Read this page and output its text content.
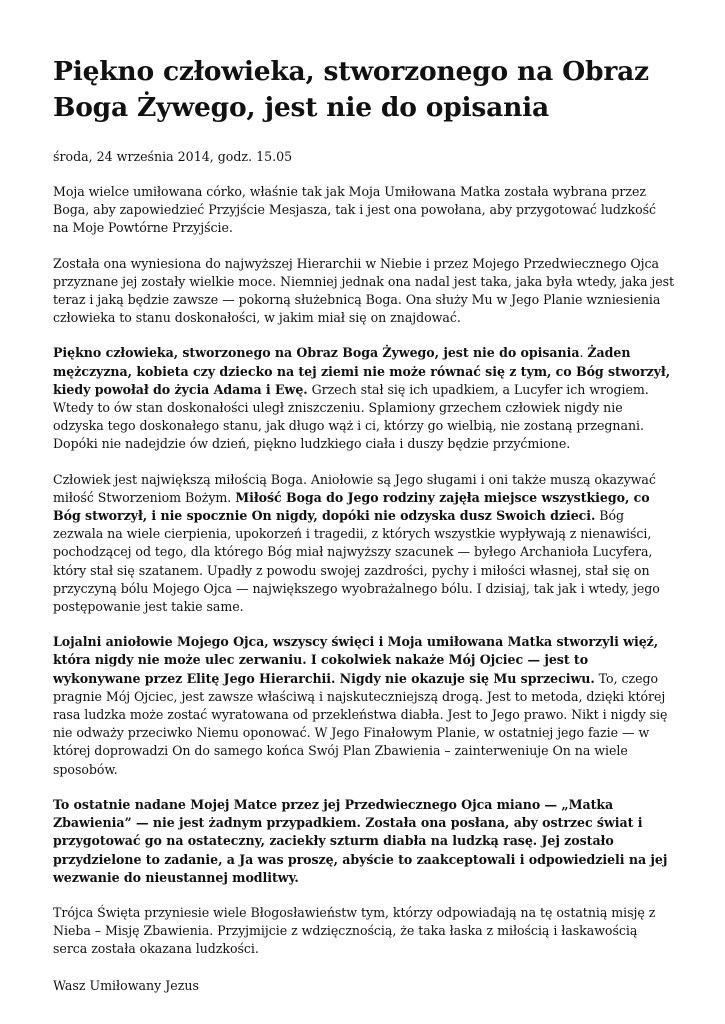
Piękno człowieka, stworzonego na Obraz Boga Żywego, jest nie do opisania

środa, 24 września 2014, godz. 15.05

Moja wielce umiłowana córko, właśnie tak jak Moja Umiłowana Matka została wybrana przez Boga, aby zapowiedzieć Przyjście Mesjasza, tak i jest ona powołana, aby przygotować ludzkość na Moje Powtórne Przyjście.

Została ona wyniesiona do najwyższej Hierarchii w Niebie i przez Mojego Przedwiecznego Ojca przyznane jej zostały wielkie moce. Niemniej jednak ona nadal jest taka, jaka była wtedy, jaka jest teraz i jaką będzie zawsze — pokorną służebnicą Boga. Ona służy Mu w Jego Planie wzniesienia człowieka to stanu doskonałości, w jakim miał się on znajdować.

Piękno człowieka, stworzonego na Obraz Boga Żywego, jest nie do opisania. Żaden mężczyzna, kobieta czy dziecko na tej ziemi nie może równać się z tym, co Bóg stworzył, kiedy powołał do życia Adama i Ewę. Grzech stał się ich upadkiem, a Lucyfer ich wrogiem. Wtedy to ów stan doskonałości uległ zniszczeniu. Splamiony grzechem człowiek nigdy nie odzyska tego doskonałego stanu, jak długo wąż i ci, którzy go wielbią, nie zostaną przegnani. Dopóki nie nadejdzie ów dzień, piękno ludzkiego ciała i duszy będzie przyćmione.

Człowiek jest największą miłością Boga. Aniołowie są Jego sługami i oni także muszą okazywać miłość Stworzeniom Bożym. Miłość Boga do Jego rodziny zajęła miejsce wszystkiego, co Bóg stworzył, i nie spocznie On nigdy, dopóki nie odzyska dusz Swoich dzieci. Bóg zezwala na wiele cierpienia, upokorzeń i tragedii, z których wszystkie wypływają z nienawiści, pochodzącej od tego, dla którego Bóg miał najwyższy szacunek — byłego Archanioła Lucyfera, który stał się szatanem. Upadły z powodu swojej zazdrości, pychy i miłości własnej, stał się on przyczyną bólu Mojego Ojca — największego wyobrażalnego bólu. I dzisiaj, tak jak i wtedy, jego postępowanie jest takie same.

Lojalni aniołowie Mojego Ojca, wszyscy święci i Moja umiłowana Matka stworzyli więź, która nigdy nie może ulec zerwaniu. I cokolwiek nakaże Mój Ojciec — jest to wykonywane przez Elitę Jego Hierarchii. Nigdy nie okazuje się Mu sprzeciwu. To, czego pragnie Mój Ojciec, jest zawsze właściwą i najskuteczniejszą drogą. Jest to metoda, dzięki której rasa ludzka może zostać wyratowana od przekleństwa diabła. Jest to Jego prawo. Nikt i nigdy się nie odważy przeciwko Niemu oponować. W Jego Finałowym Planie, w ostatniej jego fazie — w której doprowadzi On do samego końca Swój Plan Zbawienia – zainterweniuje On na wiele sposobów.

To ostatnie nadane Mojej Matce przez jej Przedwiecznego Ojca miano — „Matka Zbawienia” — nie jest żadnym przypadkiem. Została ona posłana, aby ostrzec świat i przygotować go na ostateczny, zaciekły szturm diabła na ludzką rasę. Jej zostało przydzielone to zadanie, a Ja was proszę, abyście to zaakceptowali i odpowiedzieli na jej wezwanie do nieustannej modlitwy.

Trójca Święta przyniesie wiele Błogosławieństw tym, którzy odpowiadają na tę ostatnią misję z Nieba – Misję Zbawienia. Przyjmijcie z wdzięcznością, że taka łaska z miłością i łaskawością serca została okazana ludzkości.

Wasz Umiłowany Jezus
